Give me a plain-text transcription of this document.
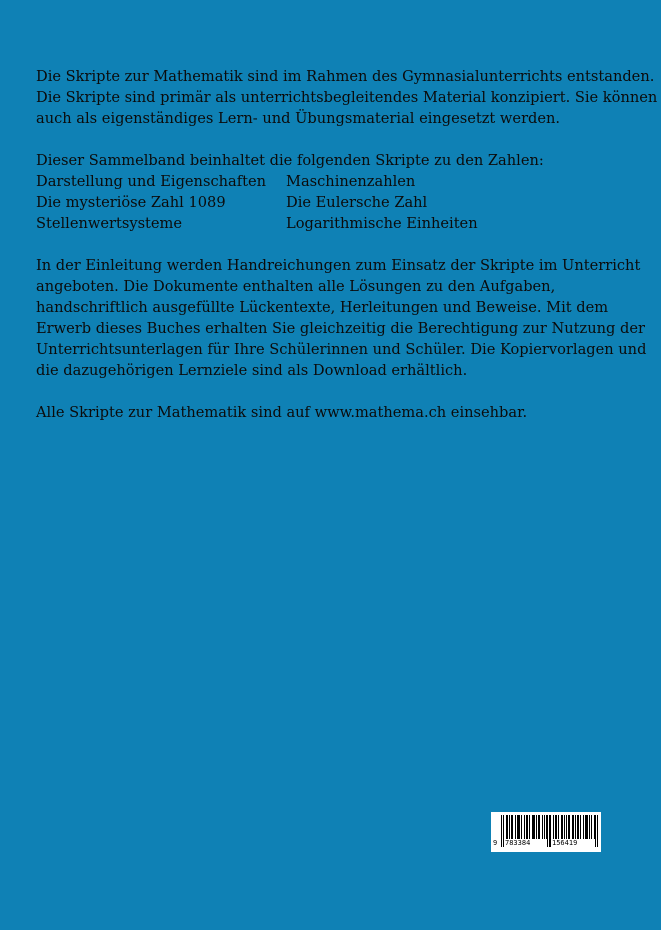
Die Skripte zur Mathematik sind im Rahmen des Gymnasialunterrichts entstanden.
Die Skripte sind primär als unterrichtsbegleitendes Material konzipiert. Sie können
auch als eigenständiges Lern- und Übungsmaterial eingesetzt werden.

Dieser Sammelband beinhaltet die folgenden Skripte zu den Zahlen:

Darstellung und Eigenschaften	Maschinenzahlen
Die mysteriöse Zahl 1089	Die Eulersche Zahl
Stellenwertsysteme	Logarithmische Einheiten

In der Einleitung werden Handreichungen zum Einsatz der Skripte im Unterricht
angeboten. Die Dokumente enthalten alle Lösungen zu den Aufgaben,
handschriftlich ausgefüllte Lückentexte, Herleitungen und Beweise. Mit dem
Erwerb dieses Buches erhalten Sie gleichzeitig die Berechtigung zur Nutzung der
Unterrichtsunterlagen für Ihre Schülerinnen und Schüler. Die Kopiervorlagen und
die dazugehörigen Lernziele sind als Download erhältlich.

Alle Skripte zur Mathematik sind auf www.mathema.ch einsehbar.

9 783384	156419
